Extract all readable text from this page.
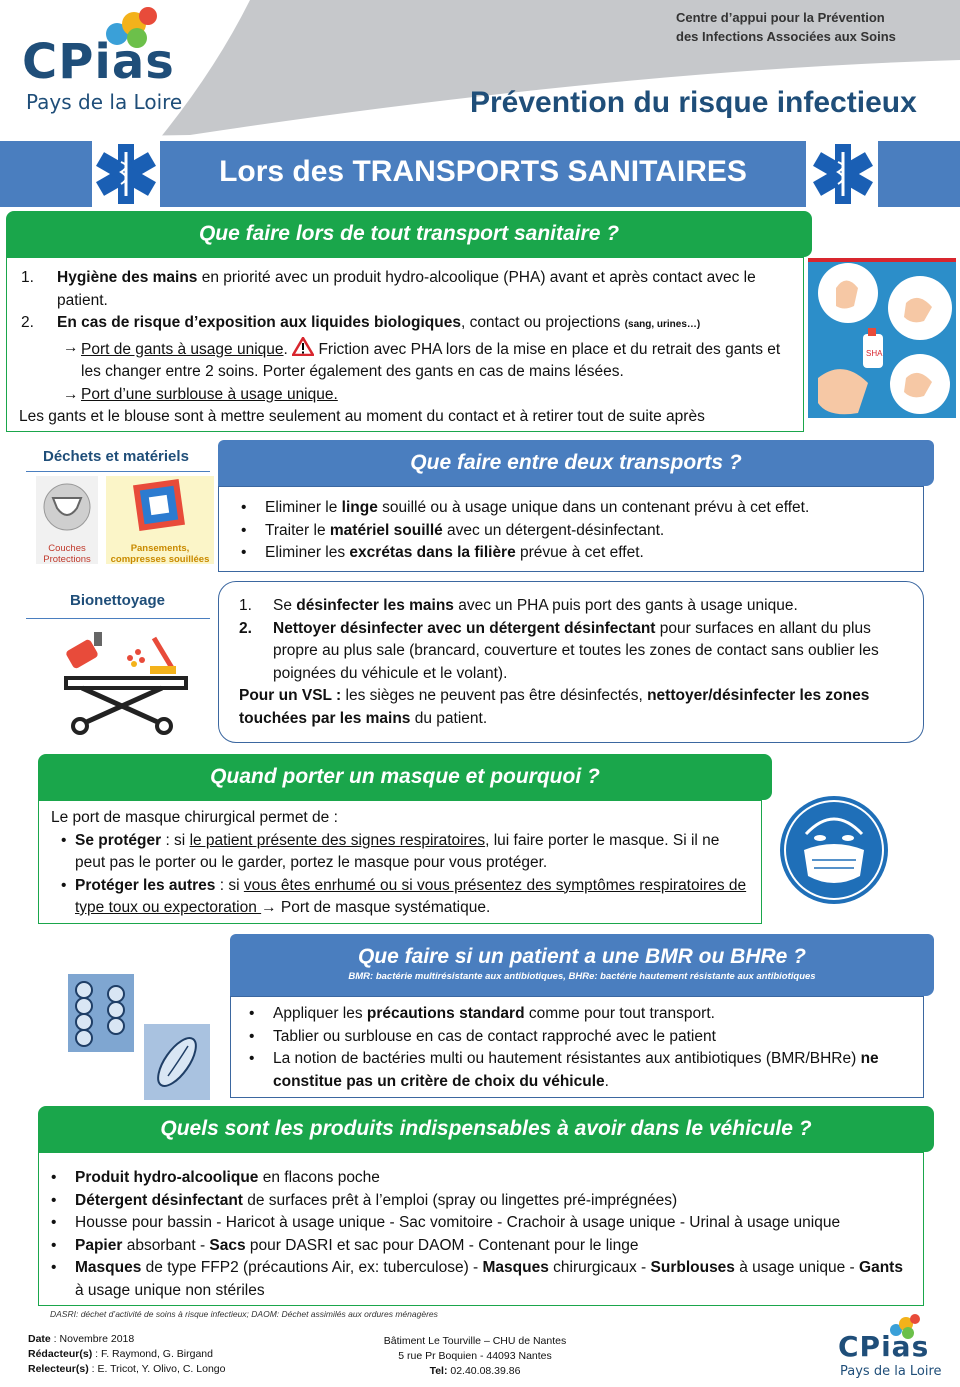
CPias
Pays de la Loire
Centre d’appui pour la Prévention
des Infections Associées aux Soins
Prévention du risque infectieux
Lors des TRANSPORTS SANITAIRES
Que faire lors de tout transport sanitaire ?
1. Hygiène des mains en priorité avec un produit hydro-alcoolique (PHA) avant et après contact avec le patient.
2. En cas de risque d’exposition aux liquides biologiques, contact ou projections (sang, urines…)
→ Port de gants à usage unique.  Friction avec PHA lors de la mise en place et du retrait des gants et les changer entre 2 soins. Porter également des gants en cas de mains lésées.
→ Port d’une surblouse à usage unique.
Les gants et le blouse sont à mettre seulement au moment du contact et à retirer tout de suite après
SHA
Déchets et matériels
Couches Protections
Pansements, compresses souillées
Que faire entre deux transports ?
• Eliminer le linge souillé ou à usage unique dans un contenant prévu à cet effet.
• Traiter le matériel souillé avec un détergent-désinfectant.
• Eliminer les excrétas dans la filière prévue à cet effet.
Bionettoyage	1. Se désinfecter les mains avec un PHA puis port des gants à usage unique.
2. Nettoyer désinfecter avec un détergent désinfectant pour surfaces en allant du plus propre au plus sale (brancard, couverture et toutes les zones de contact sans oublier les poignées du véhicule et le volant).
Pour un VSL : les sièges ne peuvent pas être désinfectés, nettoyer/désinfecter les zones touchées par les mains du patient.
Quand porter un masque et pourquoi ?
Le port de masque chirurgical permet de :
• Se protéger : si le patient présente des signes respiratoires, lui faire porter le masque. Si il ne peut pas le porter ou le garder, portez le masque pour vous protéger.
• Protéger les autres : si vous êtes enrhumé ou si vous présentez des symptômes respiratoires de type toux ou expectoration → Port de masque systématique.
Que faire si un patient a une BMR ou BHRe ?
BMR: bactérie multirésistante aux antibiotiques, BHRe: bactérie hautement résistante aux antibiotiques
• Appliquer les précautions standard comme pour tout transport.
• Tablier ou surblouse en cas de contact rapproché avec le patient
• La notion de bactéries multi ou hautement résistantes aux antibiotiques (BMR/BHRe) ne constitue pas un critère de choix du véhicule.
Quels sont les produits indispensables à avoir dans le véhicule ?
• Produit hydro-alcoolique en flacons poche
• Détergent désinfectant de surfaces prêt à l’emploi (spray ou lingettes pré-imprégnées)
• Housse pour bassin - Haricot à usage unique - Sac vomitoire - Crachoir à usage unique - Urinal à usage unique
• Papier absorbant - Sacs pour DASRI et sac pour DAOM - Contenant pour le linge
• Masques de type FFP2 (précautions Air, ex: tuberculose) - Masques chirurgicaux - Surblouses à usage unique - Gants à usage unique non stériles
DASRI: déchet d’activité de soins à risque infectieux; DAOM: Déchet assimilés aux ordures ménagères
Date : Novembre 2018
Rédacteur(s) : F. Raymond, G. Birgand
Relecteur(s) : E. Tricot, Y. Olivo, C. Longo
Bâtiment Le Tourville – CHU de Nantes
5 rue Pr Boquien - 44093 Nantes
Tel: 02.40.08.39.86
CPias
Pays de la Loire
